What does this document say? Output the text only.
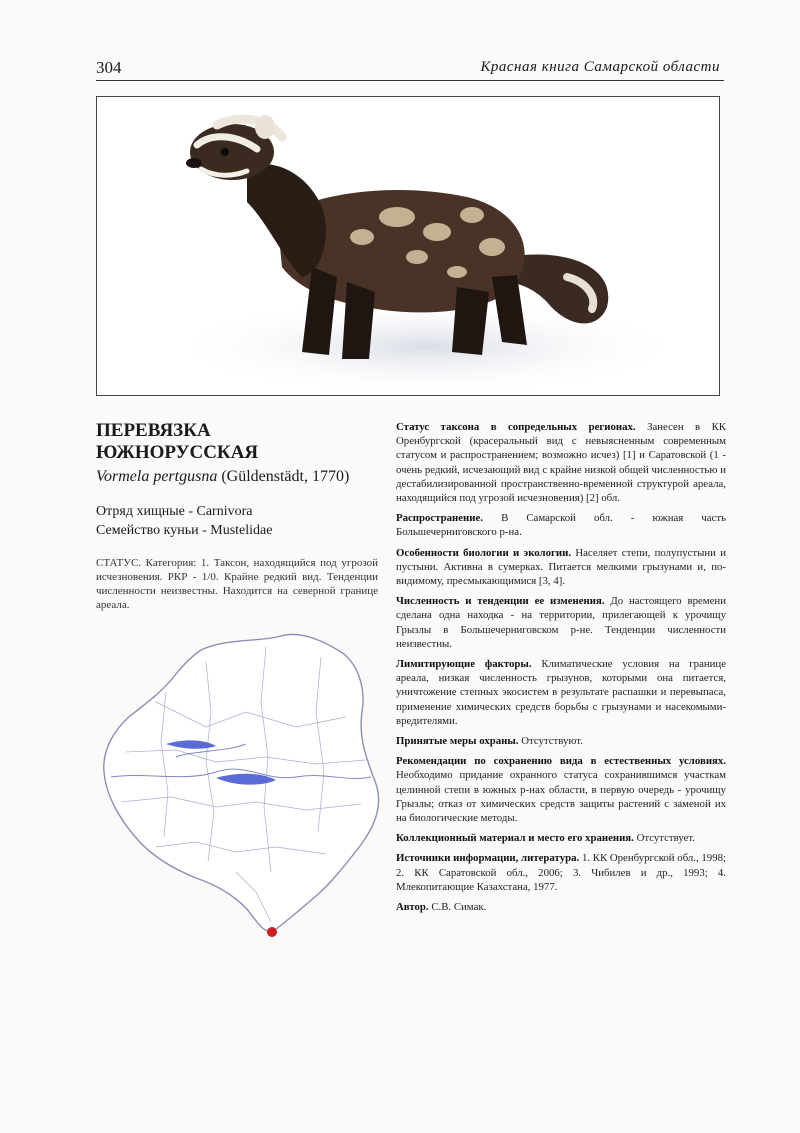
304	Красная книга Самарской области
ПЕРЕВЯЗКА
ЮЖНОРУССКАЯ
Vormela pertgusna (Güldenstädt, 1770)
Отряд хищные - Carnivora
Семейство куньи - Mustelidae
СТАТУС. Категория: 1. Таксон, находящийся под угрозой исчезновения. РКР - 1/0. Крайне редкий вид. Тенденции численности неизвестны. Находится на северной границе ареала.

Статус таксона в сопредельных регионах. Занесен в КК Оренбургской (красеральный вид с невыясненным современным статусом и распространением; возможно исчез) [1] и Саратовской (1 - очень редкий, исчезающий вид с крайне низкой общей численностью и дестабилизированной пространственно-временной структурой ареала, находящийся под угрозой исчезновения) [2] обл.

Распространение. В Самарской обл. - южная часть Большечерниговского р-на.

Особенности биологии и экологии. Населяет степи, полупустыни и пустыни. Активна в сумерках. Питается мелкими грызунами и, по-видимому, пресмыкающимися [3, 4].

Численность и тенденции ее изменения. До настоящего времени сделана одна находка - на территории, прилегающей к урочищу Грызлы в Большечерниговском р-не. Тенденции численности неизвестны.

Лимитирующие факторы. Климатические условия на границе ареала, низкая численность грызунов, которыми она питается, уничтожение степных экосистем в результате распашки и перевыпаса, применение химических средств борьбы с грызунами и насекомыми-вредителями.

Принятые меры охраны. Отсутствуют.

Рекомендации по сохранению вида в естественных условиях. Необходимо придание охранного статуса сохранившимся участкам целинной степи в южных р-нах области, в первую очередь - урочищу Грызлы; отказ от химических средств защиты растений с заменой их на биологические методы.

Коллекционный материал и место его хранения. Отсутствует.

Источники информации, литература. 1. КК Оренбургской обл., 1998; 2. КК Саратовской обл., 2006; 3. Чибилев и др., 1993; 4. Млекопитающие Казахстана, 1977.

Автор. С.В. Симак.
